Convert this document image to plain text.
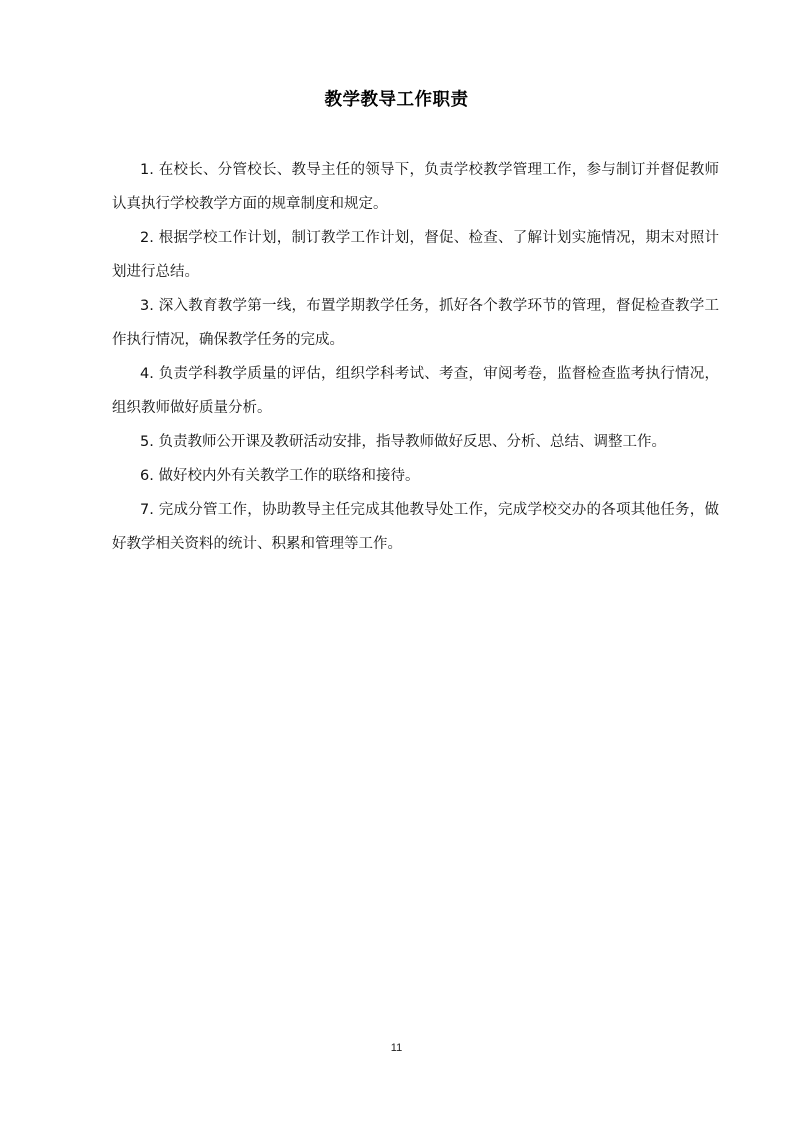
教学教导工作职责

1. 在校长、分管校长、教导主任的领导下，负责学校教学管理工作，参与制订并督促教师认真执行学校教学方面的规章制度和规定。

2. 根据学校工作计划，制订教学工作计划，督促、检查、了解计划实施情况，期末对照计划进行总结。

3. 深入教育教学第一线，布置学期教学任务，抓好各个教学环节的管理，督促检查教学工作执行情况，确保教学任务的完成。

4. 负责学科教学质量的评估，组织学科考试、考查，审阅考卷，监督检查监考执行情况，组织教师做好质量分析。

5. 负责教师公开课及教研活动安排，指导教师做好反思、分析、总结、调整工作。

6. 做好校内外有关教学工作的联络和接待。

7. 完成分管工作，协助教导主任完成其他教导处工作，完成学校交办的各项其他任务，做好教学相关资料的统计、积累和管理等工作。

11
